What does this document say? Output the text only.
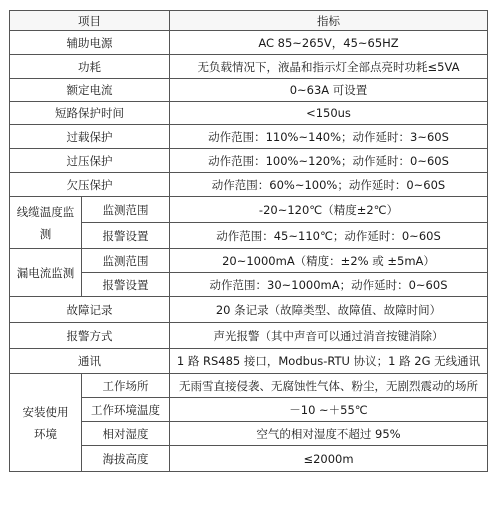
项目		指标
辅助电源		AC 85~265V，45~65HZ
功耗		无负载情况下，液晶和指示灯全部点亮时功耗≤5VA
额定电流		0~63A 可设置
短路保护时间		<150us
过载保护		动作范围：110%~140%；动作延时：3~60S
过压保护		动作范围：100%~120%；动作延时：0~60S
欠压保护		动作范围：60%~100%；动作延时：0~60S
线缆温度监测	监测范围	-20~120℃（精度±2℃）
	报警设置	动作范围：45~110℃；动作延时：0~60S
漏电流监测	监测范围	20~1000mA（精度：±2% 或 ±5mA）
	报警设置	动作范围：30~1000mA；动作延时：0~60S
故障记录		20 条记录（故障类型、故障值、故障时间）
报警方式		声光报警（其中声音可以通过消音按键消除）
通讯		1 路 RS485 接口，Modbus-RTU 协议；1 路 2G 无线通讯
安装使用环境	工作场所	无雨雪直接侵袭、无腐蚀性气体、粉尘，无剧烈震动的场所
	工作环境温度	－10 ~＋55℃
	相对湿度	空气的相对湿度不超过 95%
	海拔高度	≤2000m
